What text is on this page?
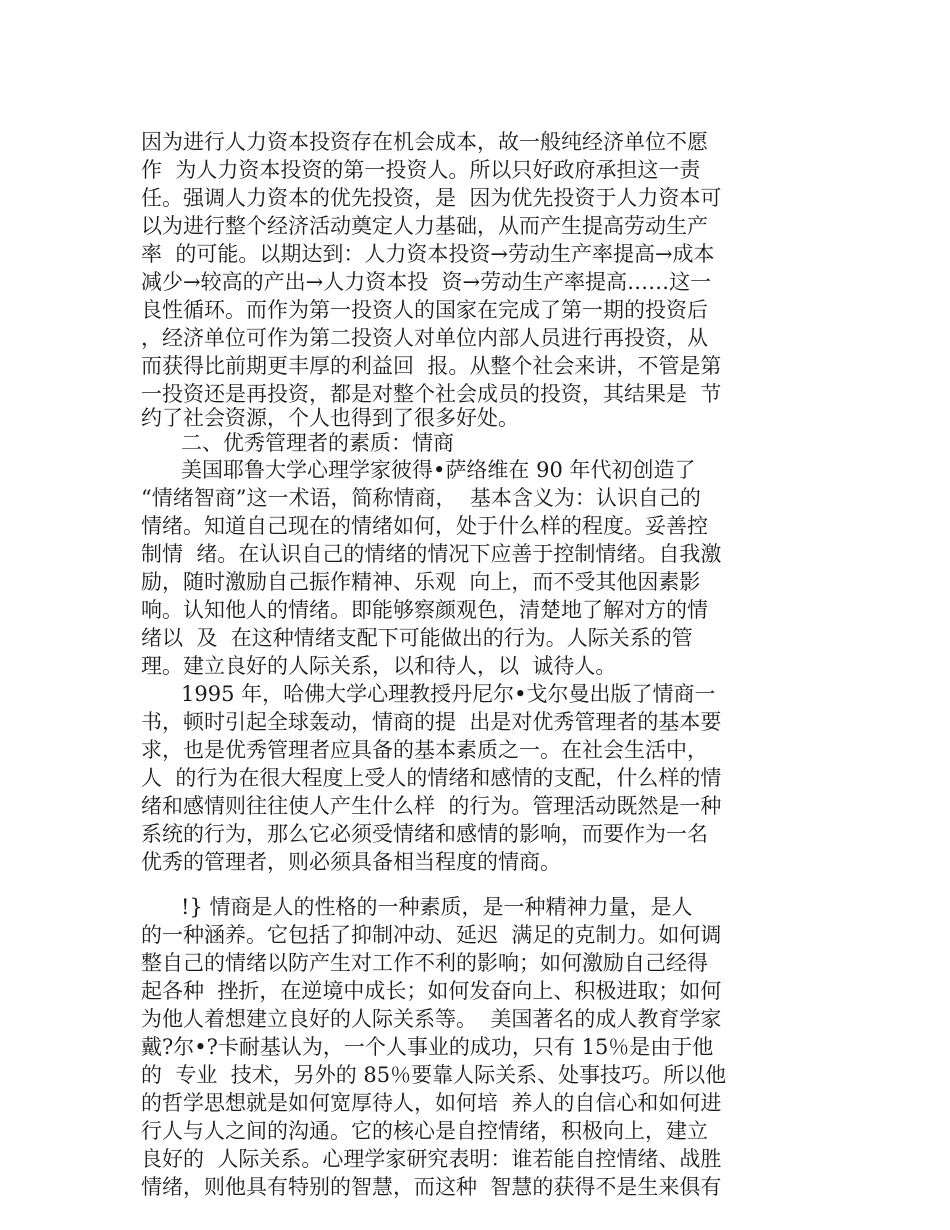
因为进行人力资本投资存在机会成本，故一般纯经济单位不愿
作  为人力资本投资的第一投资人。所以只好政府承担这一责
任。强调人力资本的优先投资，是  因为优先投资于人力资本可
以为进行整个经济活动奠定人力基础，从而产生提高劳动生产
率  的可能。以期达到：人力资本投资→劳动生产率提高→成本
减少→较高的产出→人力资本投  资→劳动生产率提高……这一
良性循环。而作为第一投资人的国家在完成了第一期的投资后
，经济单位可作为第二投资人对单位内部人员进行再投资，从
而获得比前期更丰厚的利益回  报。从整个社会来讲，不管是第
一投资还是再投资，都是对整个社会成员的投资，其结果是  节
约了社会资源，个人也得到了很多好处。
二、优秀管理者的素质：情商
美国耶鲁大学心理学家彼得•萨络维在 90 年代初创造了
“情绪智商”这一术语，简称情商，  基本含义为：认识自己的
情绪。知道自己现在的情绪如何，处于什么样的程度。妥善控
制情  绪。在认识自己的情绪的情况下应善于控制情绪。自我激
励，随时激励自己振作精神、乐观  向上，而不受其他因素影
响。认知他人的情绪。即能够察颜观色，清楚地了解对方的情
绪以  及  在这种情绪支配下可能做出的行为。人际关系的管
理。建立良好的人际关系，以和待人，以  诚待人。
1995 年，哈佛大学心理教授丹尼尔•戈尔曼出版了情商一
书，顿时引起全球轰动，情商的提  出是对优秀管理者的基本要
求，也是优秀管理者应具备的基本素质之一。在社会生活中，
人  的行为在很大程度上受人的情绪和感情的支配，什么样的情
绪和感情则往往使人产生什么样  的行为。管理活动既然是一种
系统的行为，那么它必须受情绪和感情的影响，而要作为一名
优秀的管理者，则必须具备相当程度的情商。
!} 情商是人的性格的一种素质，是一种精神力量，是人
的一种涵养。它包括了抑制冲动、延迟  满足的克制力。如何调
整自己的情绪以防产生对工作不利的影响；如何激励自己经得
起各种  挫折，在逆境中成长；如何发奋向上、积极进取；如何
为他人着想建立良好的人际关系等。  美国著名的成人教育学家
戴?尔•?卡耐基认为，一个人事业的成功，只有 15％是由于他
的  专业  技术，另外的 85％要靠人际关系、处事技巧。所以他
的哲学思想就是如何宽厚待人，如何培  养人的自信心和如何进
行人与人之间的沟通。它的核心是自控情绪，积极向上，建立
良好的  人际关系。心理学家研究表明：谁若能自控情绪、战胜
情绪，则他具有特别的智慧，而这种  智慧的获得不是生来俱有
